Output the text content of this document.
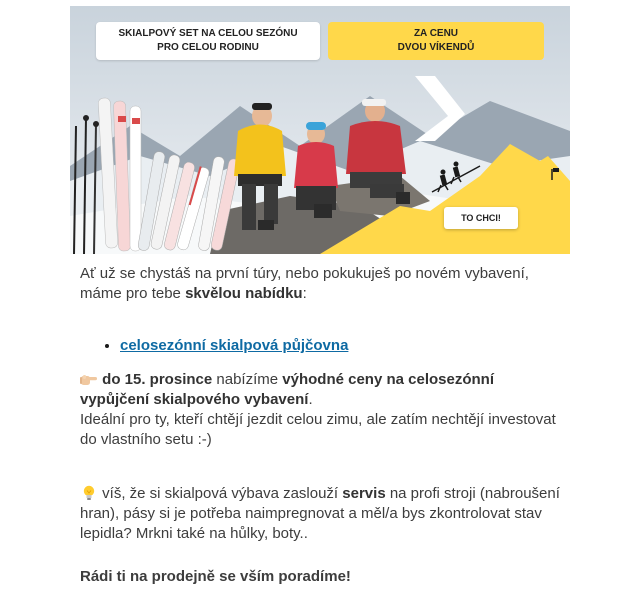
SKIALPOVÝ SET NA CELOU SEZÓNU
PRO CELOU RODINU
ZA CENU
DVOU VÍKENDŮ
TO CHCI!

Ať už se chystáš na první túry, nebo pokukuješ po novém vybavení, máme pro tebe skvělou nabídku:

• celosezónní skialpová půjčovna

do 15. prosince nabízíme výhodné ceny na celosezónní vypůjčení skialpového vybavení.

Ideální pro ty, kteří chtějí jezdit celou zimu, ale zatím nechtějí investovat do vlastního setu :-)

víš, že si skialpová výbava zaslouží servis na profi stroji (nabroušení hran), pásy si je potřeba naimpregnovat a měl/a bys zkontrolovat stav lepidla? Mrkni také na hůlky, boty..

Rádi ti na prodejně se vším poradíme!
